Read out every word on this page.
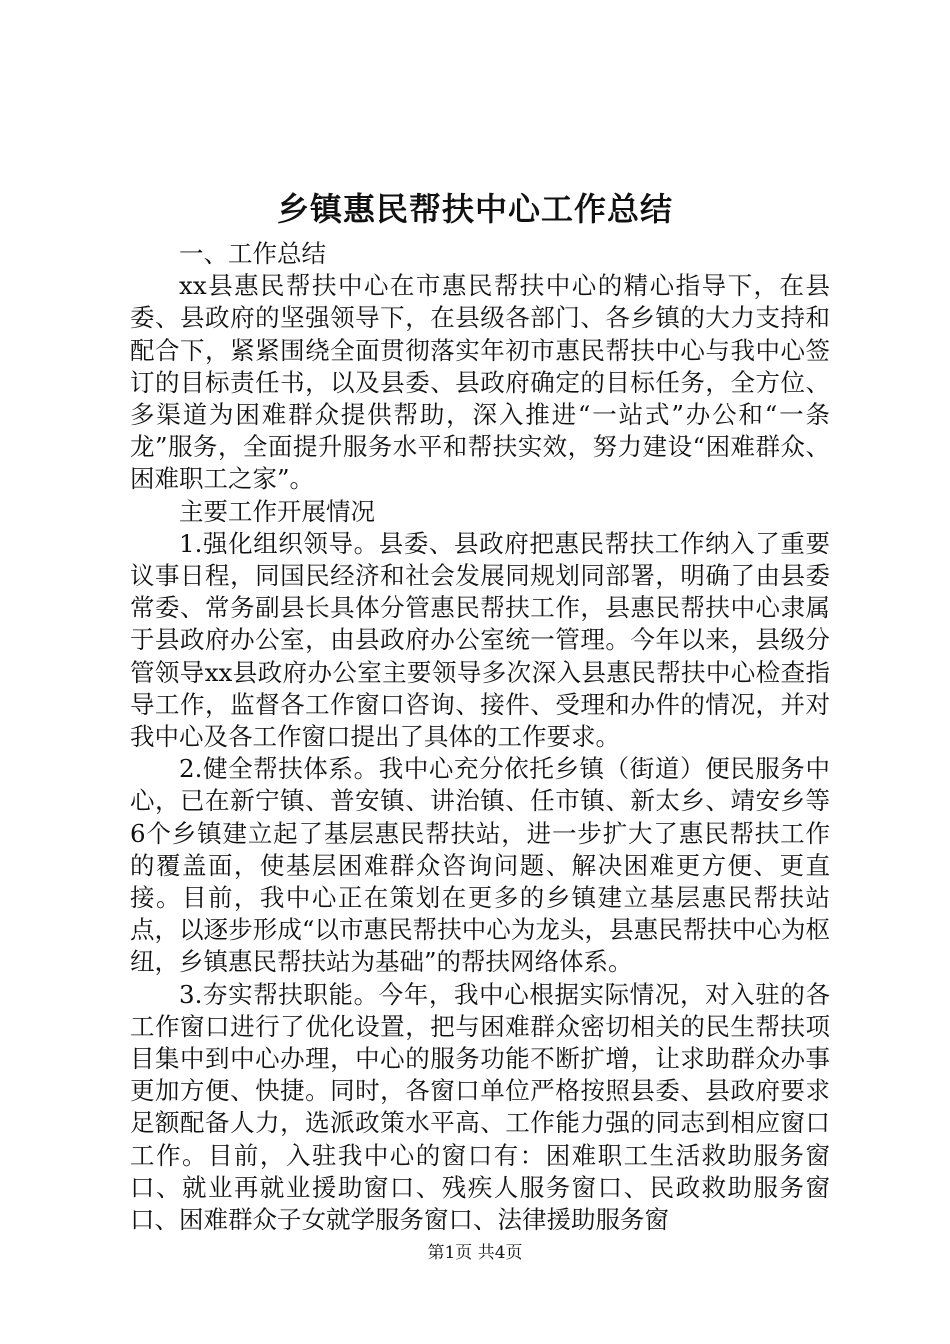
乡镇惠民帮扶中心工作总结

一、工作总结

xx县惠民帮扶中心在市惠民帮扶中心的精心指导下，在县委、县政府的坚强领导下，在县级各部门、各乡镇的大力支持和配合下，紧紧围绕全面贯彻落实年初市惠民帮扶中心与我中心签订的目标责任书，以及县委、县政府确定的目标任务，全方位、多渠道为困难群众提供帮助，深入推进“一站式”办公和“一条龙”服务，全面提升服务水平和帮扶实效，努力建设“困难群众、困难职工之家”。

主要工作开展情况

1.强化组织领导。县委、县政府把惠民帮扶工作纳入了重要议事日程，同国民经济和社会发展同规划同部署，明确了由县委常委、常务副县长具体分管惠民帮扶工作，县惠民帮扶中心隶属于县政府办公室，由县政府办公室统一管理。今年以来，县级分管领导xx县政府办公室主要领导多次深入县惠民帮扶中心检查指导工作，监督各工作窗口咨询、接件、受理和办件的情况，并对我中心及各工作窗口提出了具体的工作要求。

2.健全帮扶体系。我中心充分依托乡镇（街道）便民服务中心，已在新宁镇、普安镇、讲治镇、任市镇、新太乡、靖安乡等6个乡镇建立起了基层惠民帮扶站，进一步扩大了惠民帮扶工作的覆盖面，使基层困难群众咨询问题、解决困难更方便、更直接。目前，我中心正在策划在更多的乡镇建立基层惠民帮扶站点，以逐步形成“以市惠民帮扶中心为龙头，县惠民帮扶中心为枢纽，乡镇惠民帮扶站为基础”的帮扶网络体系。

3.夯实帮扶职能。今年，我中心根据实际情况，对入驻的各工作窗口进行了优化设置，把与困难群众密切相关的民生帮扶项目集中到中心办理，中心的服务功能不断扩增，让求助群众办事更加方便、快捷。同时，各窗口单位严格按照县委、县政府要求足额配备人力，选派政策水平高、工作能力强的同志到相应窗口工作。目前，入驻我中心的窗口有：困难职工生活救助服务窗口、就业再就业援助窗口、残疾人服务窗口、民政救助服务窗口、困难群众子女就学服务窗口、法律援助服务窗

第1页 共4页
